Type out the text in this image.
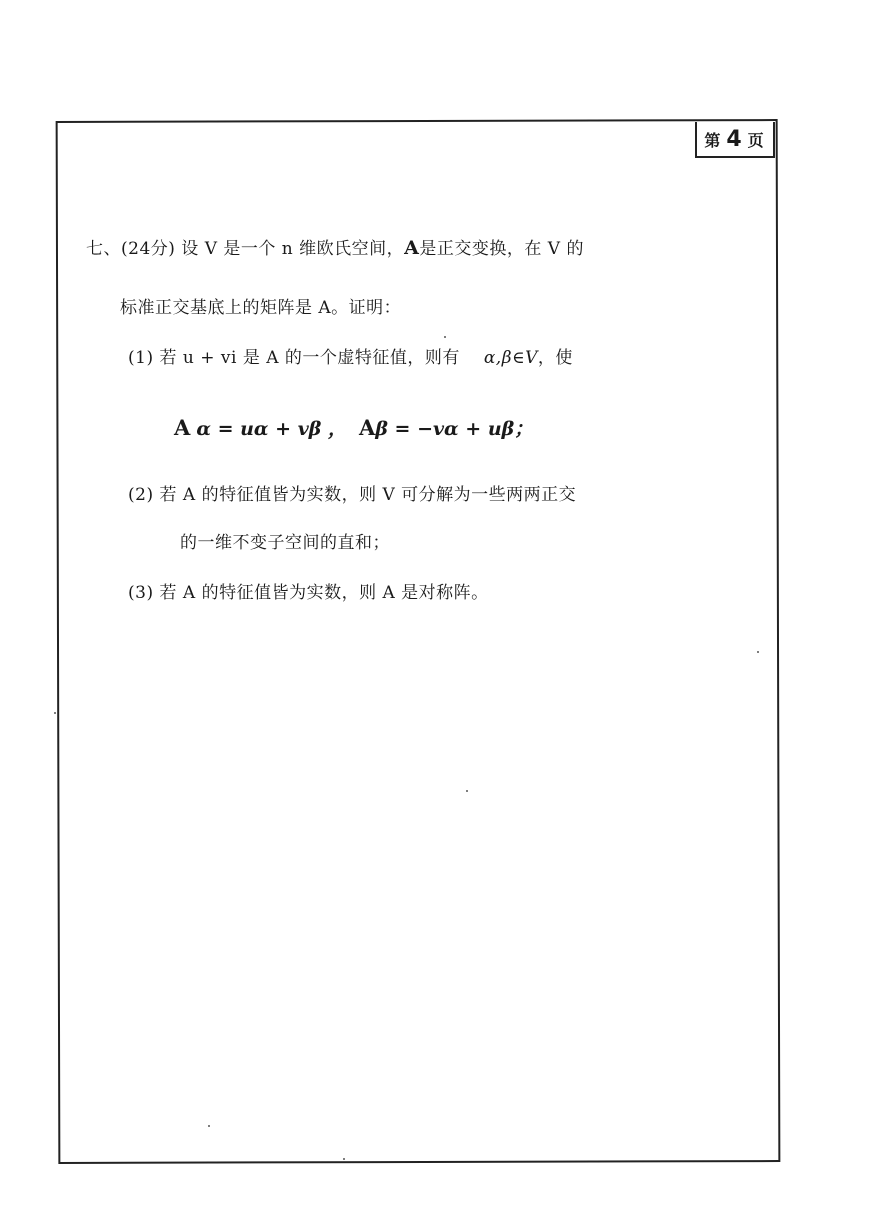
第 4 页
七、(24分) 设 V 是一个 n 维欧氏空间，A是正交变换，在 V 的
标准正交基底上的矩阵是 A。证明：
(1) 若 u + vi 是 A 的一个虚特征值，则有 α,β∈V，使
A α = uα + vβ ， Aβ = −vα + uβ；
(2) 若 A 的特征值皆为实数，则 V 可分解为一些两两正交
的一维不变子空间的直和；
(3) 若 A 的特征值皆为实数，则 A 是对称阵。
